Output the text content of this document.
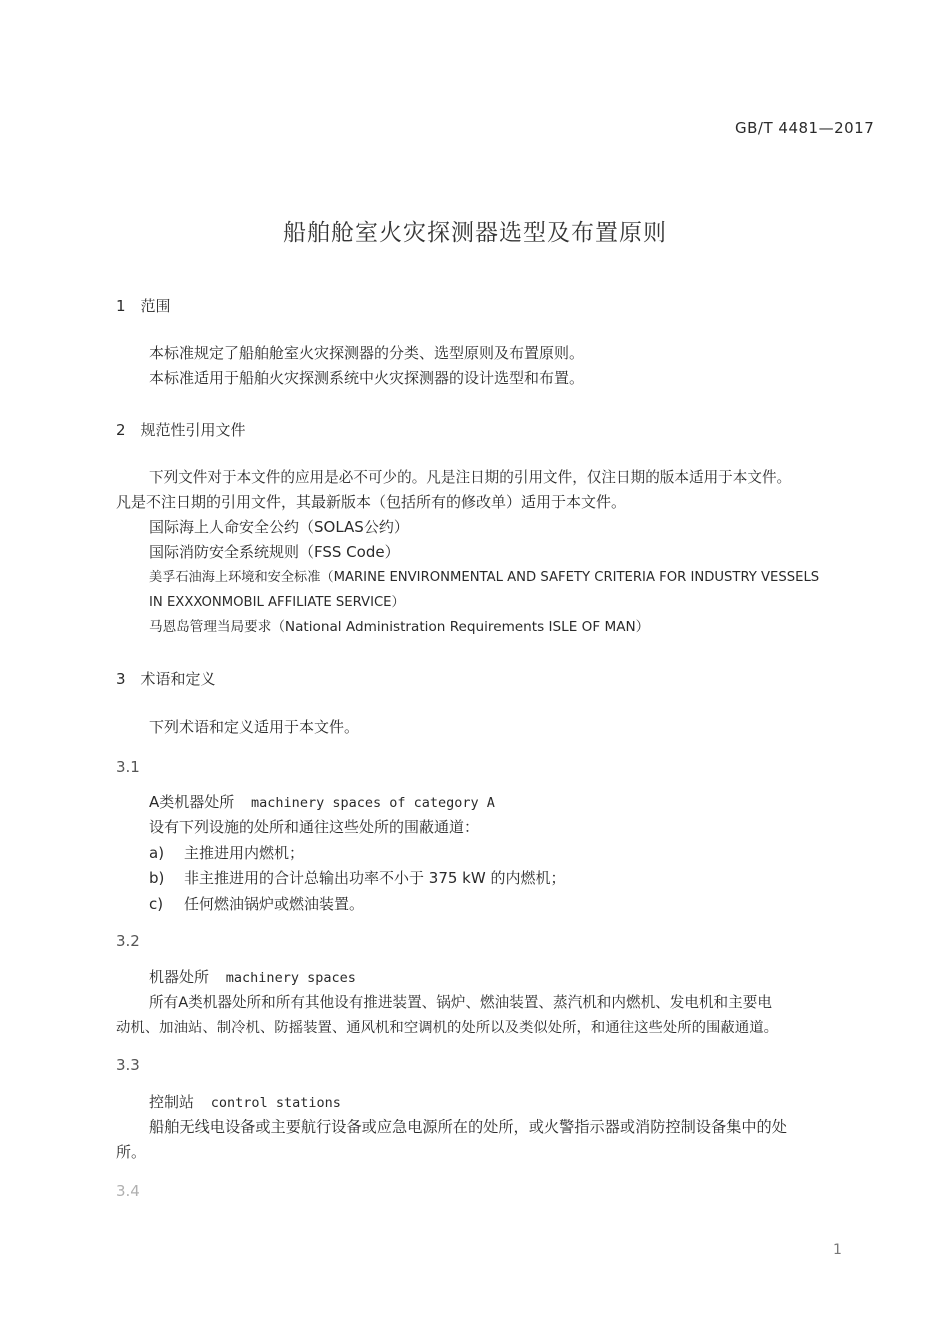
GB/T 4481—2017
船舶舱室火灾探测器选型及布置原则
1　范围
本标准规定了船舶舱室火灾探测器的分类、选型原则及布置原则。
本标准适用于船舶火灾探测系统中火灾探测器的设计选型和布置。
2　规范性引用文件
下列文件对于本文件的应用是必不可少的。凡是注日期的引用文件，仅注日期的版本适用于本文件。
凡是不注日期的引用文件，其最新版本（包括所有的修改单）适用于本文件。
国际海上人命安全公约（SOLAS公约）
国际消防安全系统规则（FSS Code）
美孚石油海上环境和安全标准（MARINE ENVIRONMENTAL AND SAFETY CRITERIA FOR INDUSTRY VESSELS
IN EXXXONMOBIL AFFILIATE SERVICE）
马恩岛管理当局要求（National Administration Requirements ISLE OF MAN）
3　术语和定义
下列术语和定义适用于本文件。
3.1
A类机器处所 machinery spaces of category A
设有下列设施的处所和通往这些处所的围蔽通道：
a) 主推进用内燃机；
b) 非主推进用的合计总输出功率不小于 375 kW 的内燃机；
c) 任何燃油锅炉或燃油装置。
3.2
机器处所 machinery spaces
所有A类机器处所和所有其他设有推进装置、锅炉、燃油装置、蒸汽机和内燃机、发电机和主要电
动机、加油站、制冷机、防摇装置、通风机和空调机的处所以及类似处所，和通往这些处所的围蔽通道。
3.3
控制站 control stations
船舶无线电设备或主要航行设备或应急电源所在的处所，或火警指示器或消防控制设备集中的处
所。
3.4
1
